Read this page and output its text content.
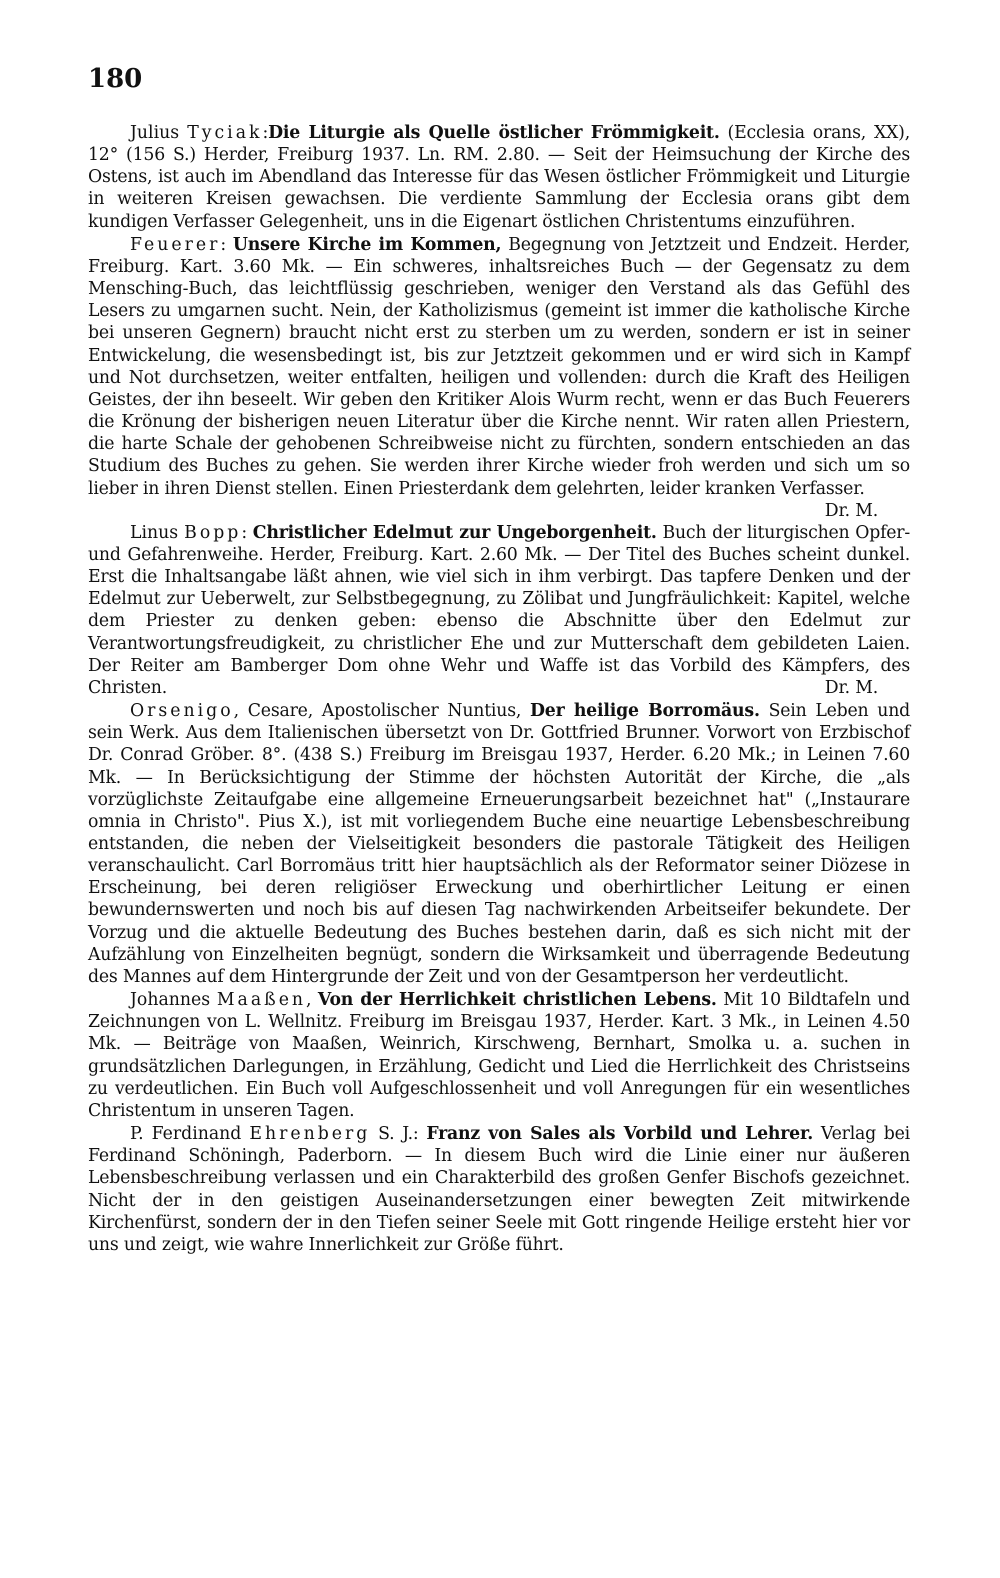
180

Julius Tyciak:Die Liturgie als Quelle östlicher Frömmigkeit. (Ecclesia orans, XX), 12° (156 S.) Herder, Freiburg 1937. Ln. RM. 2.80. — Seit der Heimsuchung der Kirche des Ostens, ist auch im Abendland das Interesse für das Wesen östlicher Frömmigkeit und Liturgie in weiteren Kreisen gewachsen. Die verdiente Sammlung der Ecclesia orans gibt dem kundigen Verfasser Gelegenheit, uns in die Eigenart östlichen Christentums einzuführen.

Feuerer: Unsere Kirche im Kommen, Begegnung von Jetztzeit und Endzeit. Herder, Freiburg. Kart. 3.60 Mk. — Ein schweres, inhaltsreiches Buch — der Gegensatz zu dem Mensching-Buch, das leichtflüssig geschrieben, weniger den Verstand als das Gefühl des Lesers zu umgarnen sucht. Nein, der Katholizismus (gemeint ist immer die katholische Kirche bei unseren Gegnern) braucht nicht erst zu sterben um zu werden, sondern er ist in seiner Entwickelung, die wesensbedingt ist, bis zur Jetztzeit gekommen und er wird sich in Kampf und Not durchsetzen, weiter entfalten, heiligen und vollenden: durch die Kraft des Heiligen Geistes, der ihn beseelt. Wir geben den Kritiker Alois Wurm recht, wenn er das Buch Feuerers die Krönung der bisherigen neuen Literatur über die Kirche nennt. Wir raten allen Priestern, die harte Schale der gehobenen Schreibweise nicht zu fürchten, sondern entschieden an das Studium des Buches zu gehen. Sie werden ihrer Kirche wieder froh werden und sich um so lieber in ihren Dienst stellen. Einen Priesterdank dem gelehrten, leider kranken Verfasser.
Dr. M.

Linus Bopp: Christlicher Edelmut zur Ungeborgenheit. Buch der liturgischen Opfer- und Gefahrenweihe. Herder, Freiburg. Kart. 2.60 Mk. — Der Titel des Buches scheint dunkel. Erst die Inhaltsangabe läßt ahnen, wie viel sich in ihm verbirgt. Das tapfere Denken und der Edelmut zur Ueberwelt, zur Selbstbegegnung, zu Zölibat und Jungfräulichkeit: Kapitel, welche dem Priester zu denken geben: ebenso die Abschnitte über den Edelmut zur Verantwortungsfreudigkeit, zu christlicher Ehe und zur Mutterschaft dem gebildeten Laien. Der Reiter am Bamberger Dom ohne Wehr und Waffe ist das Vorbild des Kämpfers, des Christen.	Dr. M.

Orsenigo, Cesare, Apostolischer Nuntius, Der heilige Borromäus. Sein Leben und sein Werk. Aus dem Italienischen übersetzt von Dr. Gottfried Brunner. Vorwort von Erzbischof Dr. Conrad Gröber. 8°. (438 S.) Freiburg im Breisgau 1937, Herder. 6.20 Mk.; in Leinen 7.60 Mk. — In Berücksichtigung der Stimme der höchsten Autorität der Kirche, die „als vorzüglichste Zeitaufgabe eine allgemeine Erneuerungsarbeit bezeichnet hat" („Instaurare omnia in Christo". Pius X.), ist mit vorliegendem Buche eine neuartige Lebensbeschreibung entstanden, die neben der Vielseitigkeit besonders die pastorale Tätigkeit des Heiligen veranschaulicht. Carl Borromäus tritt hier hauptsächlich als der Reformator seiner Diözese in Erscheinung, bei deren religiöser Erweckung und oberhirtlicher Leitung er einen bewundernswerten und noch bis auf diesen Tag nachwirkenden Arbeitseifer bekundete. Der Vorzug und die aktuelle Bedeutung des Buches bestehen darin, daß es sich nicht mit der Aufzählung von Einzelheiten begnügt, sondern die Wirksamkeit und überragende Bedeutung des Mannes auf dem Hintergrunde der Zeit und von der Gesamtperson her verdeutlicht.

Johannes Maaßen, Von der Herrlichkeit christlichen Lebens. Mit 10 Bildtafeln und Zeichnungen von L. Wellnitz. Freiburg im Breisgau 1937, Herder. Kart. 3 Mk., in Leinen 4.50 Mk. — Beiträge von Maaßen, Weinrich, Kirschweng, Bernhart, Smolka u. a. suchen in grundsätzlichen Darlegungen, in Erzählung, Gedicht und Lied die Herrlichkeit des Christseins zu verdeutlichen. Ein Buch voll Aufgeschlossenheit und voll Anregungen für ein wesentliches Christentum in unseren Tagen.

P. Ferdinand Ehrenberg S. J.: Franz von Sales als Vorbild und Lehrer. Verlag bei Ferdinand Schöningh, Paderborn. — In diesem Buch wird die Linie einer nur äußeren Lebensbeschreibung verlassen und ein Charakterbild des großen Genfer Bischofs gezeichnet. Nicht der in den geistigen Auseinandersetzungen einer bewegten Zeit mitwirkende Kirchenfürst, sondern der in den Tiefen seiner Seele mit Gott ringende Heilige ersteht hier vor uns und zeigt, wie wahre Innerlichkeit zur Größe führt.
